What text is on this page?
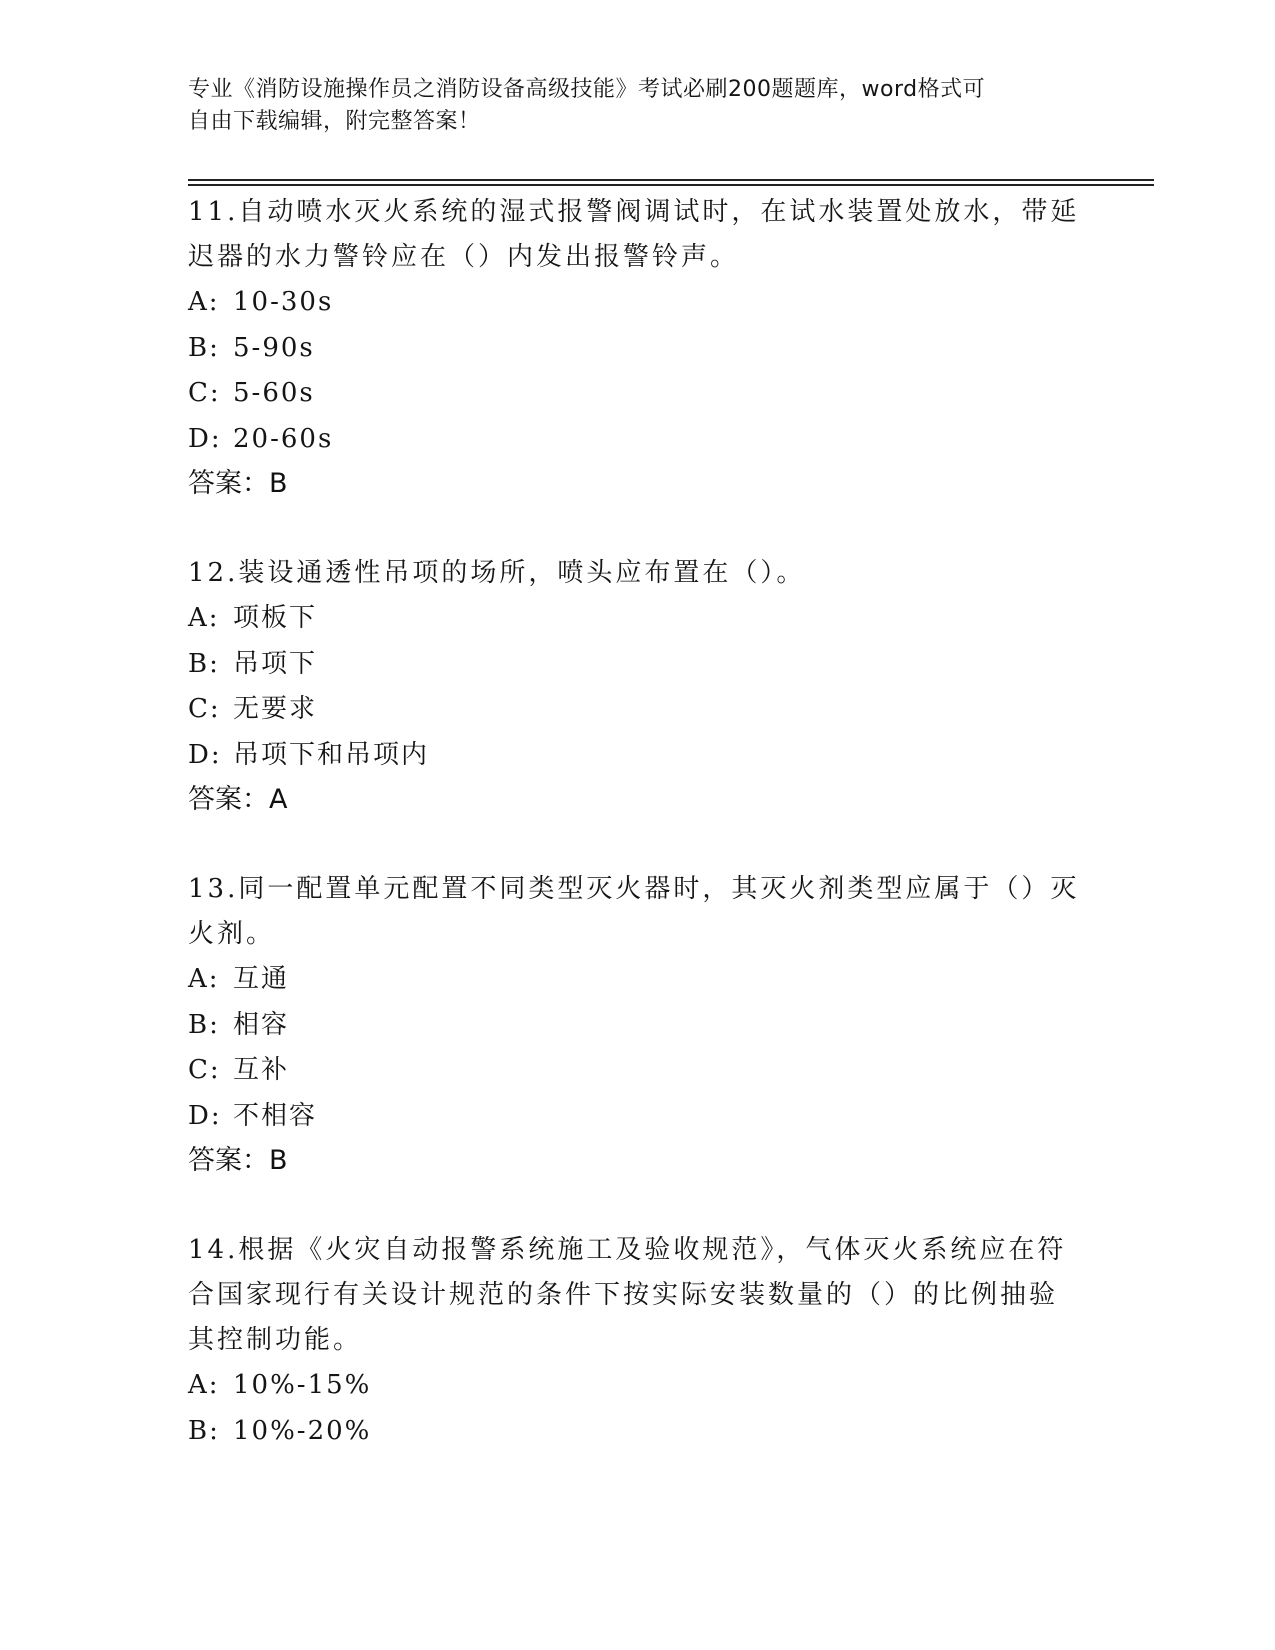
专业《消防设施操作员之消防设备高级技能》考试必刷200题题库，word格式可
自由下载编辑，附完整答案！
11.自动喷水灭火系统的湿式报警阀调试时，在试水装置处放水，带延
迟器的水力警铃应在（）内发出报警铃声。
A: 10-30s
B: 5-90s
C: 5-60s
D: 20-60s
答案：B
12.装设通透性吊项的场所，喷头应布置在（）。
A: 项板下
B: 吊项下
C: 无要求
D: 吊项下和吊项内
答案：A
13.同一配置单元配置不同类型灭火器时，其灭火剂类型应属于（）灭
火剂。
A: 互通
B: 相容
C: 互补
D: 不相容
答案：B
14.根据《火灾自动报警系统施工及验收规范》，气体灭火系统应在符
合国家现行有关设计规范的条件下按实际安装数量的（）的比例抽验
其控制功能。
A: 10%-15%
B: 10%-20%
